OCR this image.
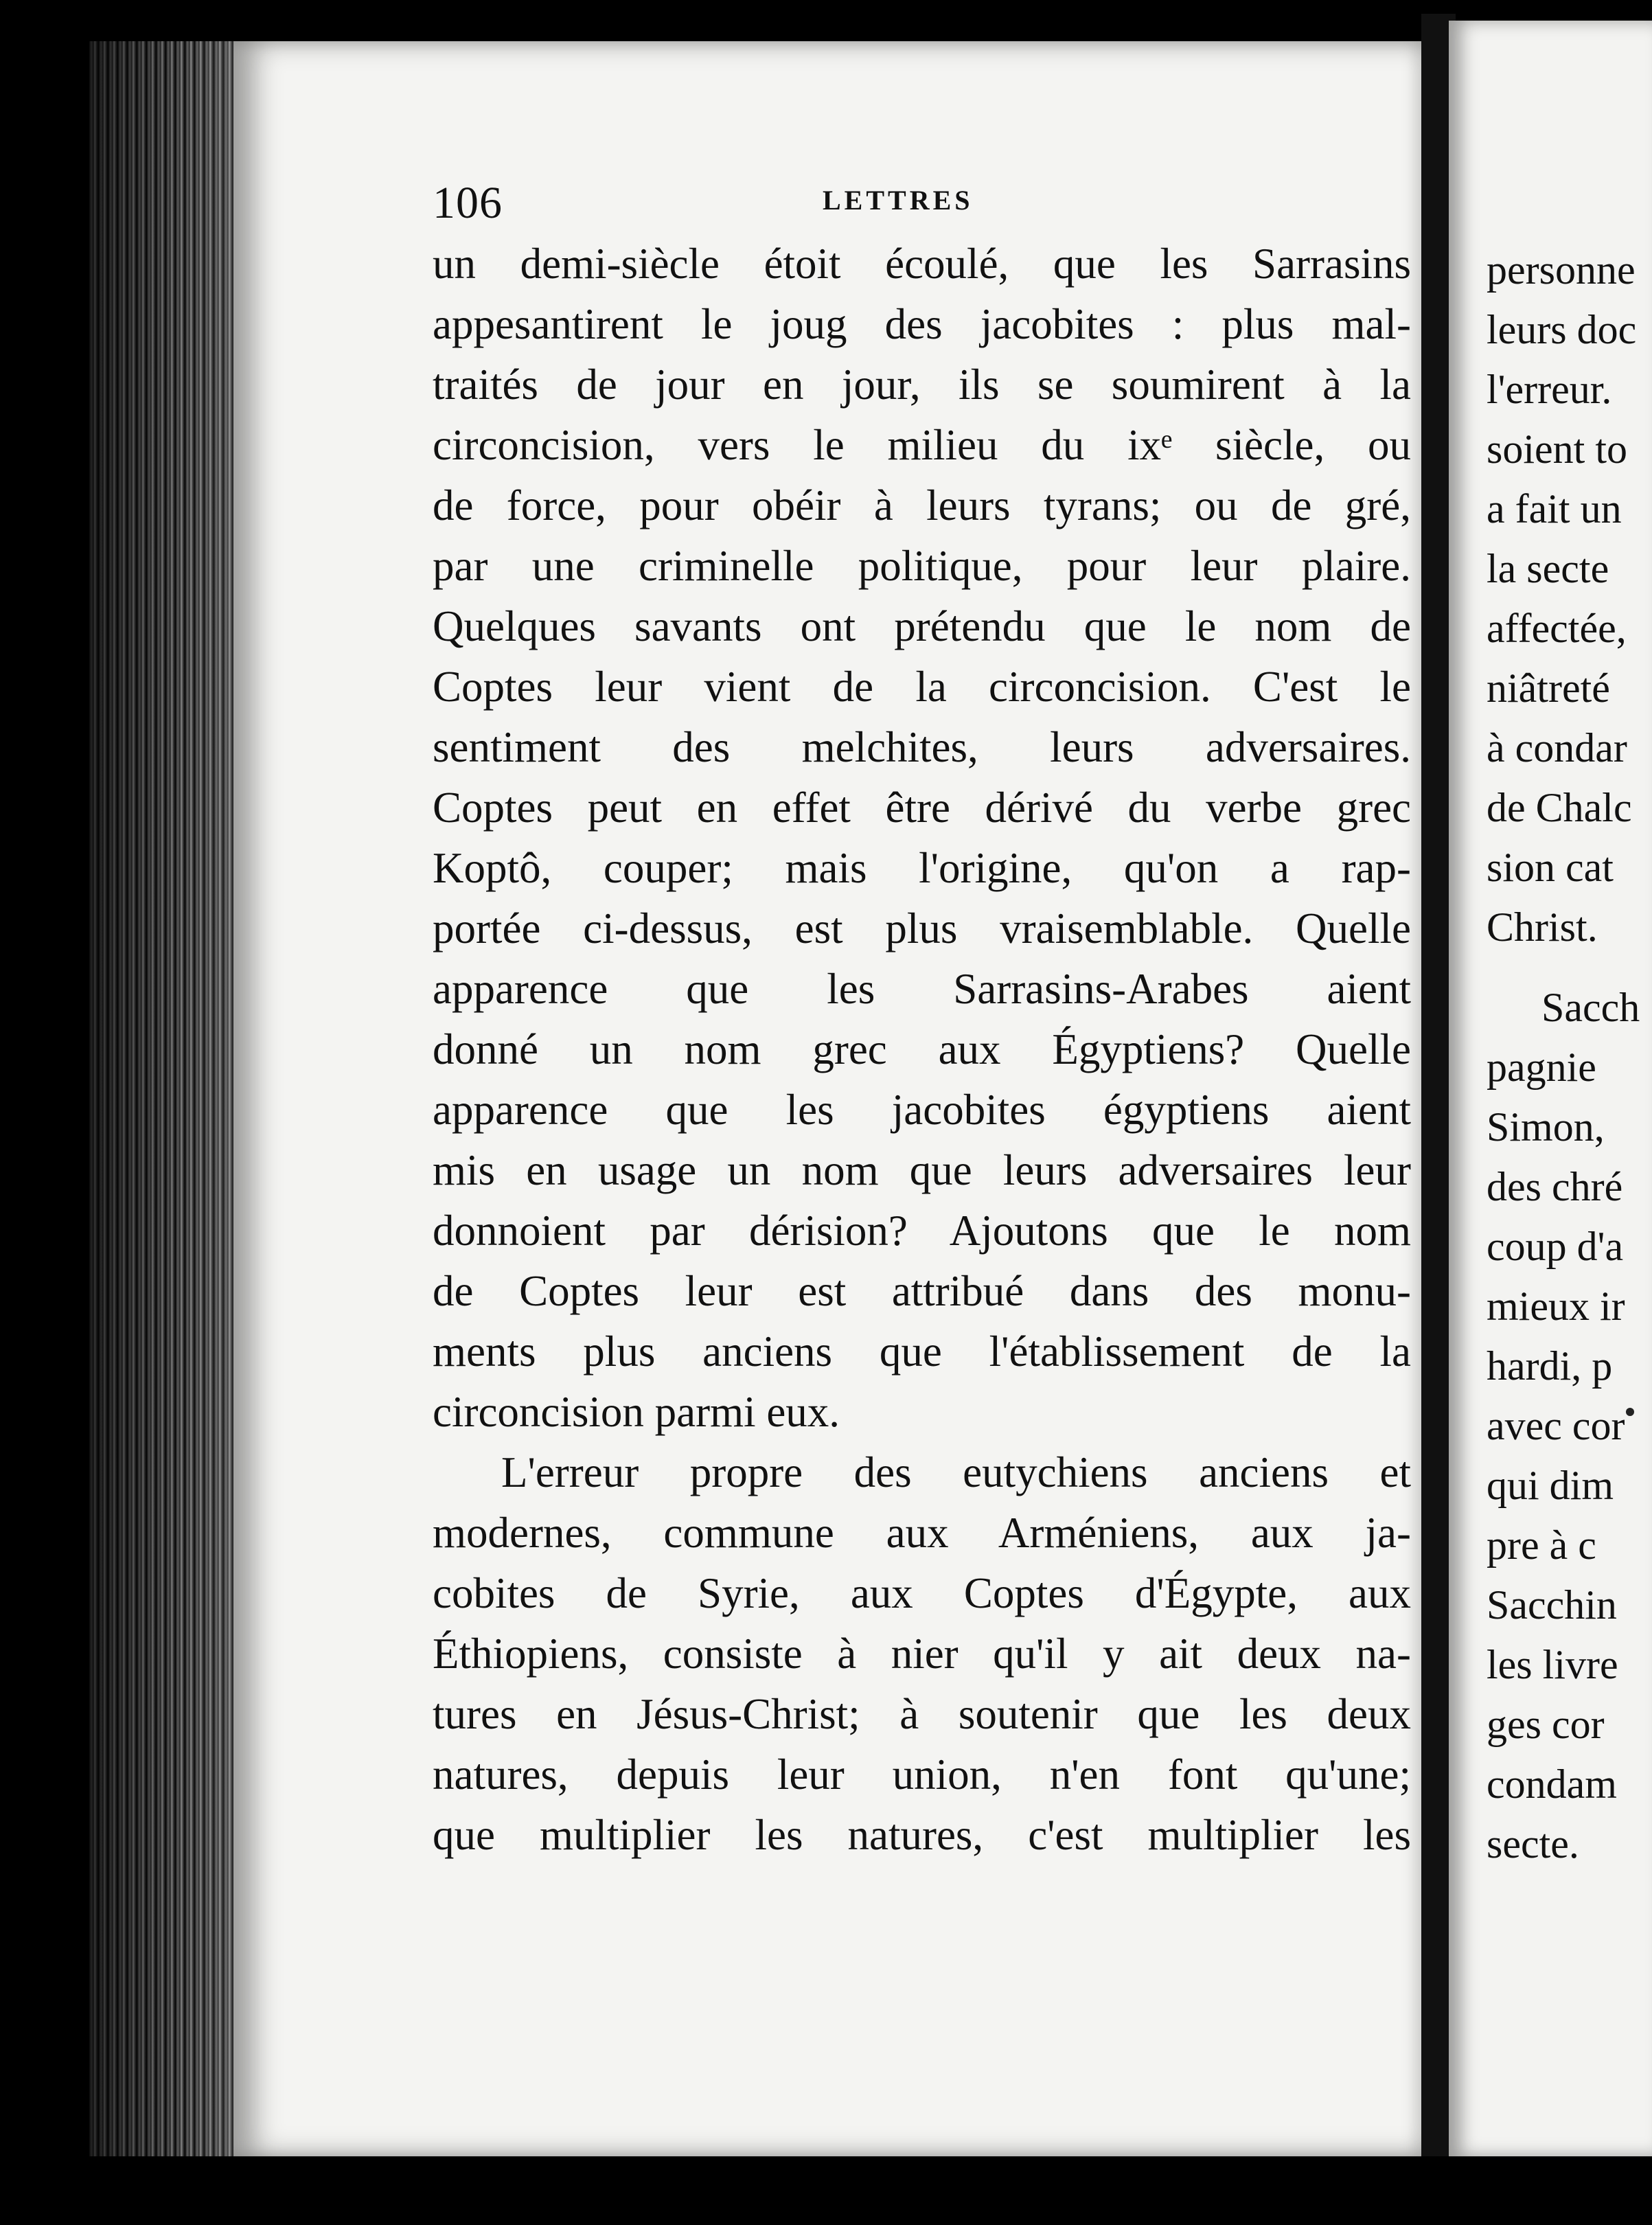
106	LETTRES

un demi-siècle étoit écoulé, que les Sarrasins
appesantirent le joug des jacobites : plus mal-
traités de jour en jour, ils se soumirent à la
circoncision, vers le milieu du ixᵉ siècle, ou
de force, pour obéir à leurs tyrans; ou de gré,
par une criminelle politique, pour leur plaire.
Quelques savants ont prétendu que le nom de
Coptes leur vient de la circoncision. C'est le
sentiment des melchites, leurs adversaires.
Coptes peut en effet être dérivé du verbe grec
Κoptô, couper; mais l'origine, qu'on a rap-
portée ci-dessus, est plus vraisemblable. Quelle
apparence que les Sarrasins-Arabes aient
donné un nom grec aux Égyptiens? Quelle
apparence que les jacobites égyptiens aient
mis en usage un nom que leurs adversaires leur
donnoient par dérision? Ajoutons que le nom
de Coptes leur est attribué dans des monu-
ments plus anciens que l'établissement de la
circoncision parmi eux.

L'erreur propre des eutychiens anciens et
modernes, commune aux Arméniens, aux ja-
cobites de Syrie, aux Coptes d'Égypte, aux
Éthiopiens, consiste à nier qu'il y ait deux na-
tures en Jésus-Christ; à soutenir que les deux
natures, depuis leur union, n'en font qu'une;
que multiplier les natures, c'est multiplier les

personne
leurs doc
l'erreur.
soient to
a fait un
la secte
affectée,
niâtreté
à condar
de Chalc
sion cat
Christ.
Sacch
pagnie
Simon,
des chré
coup d'a
mieux ir
hardi, p
avec cor
qui dim
pre à c
Sacchin
les livre
ges cor
condam
secte.
